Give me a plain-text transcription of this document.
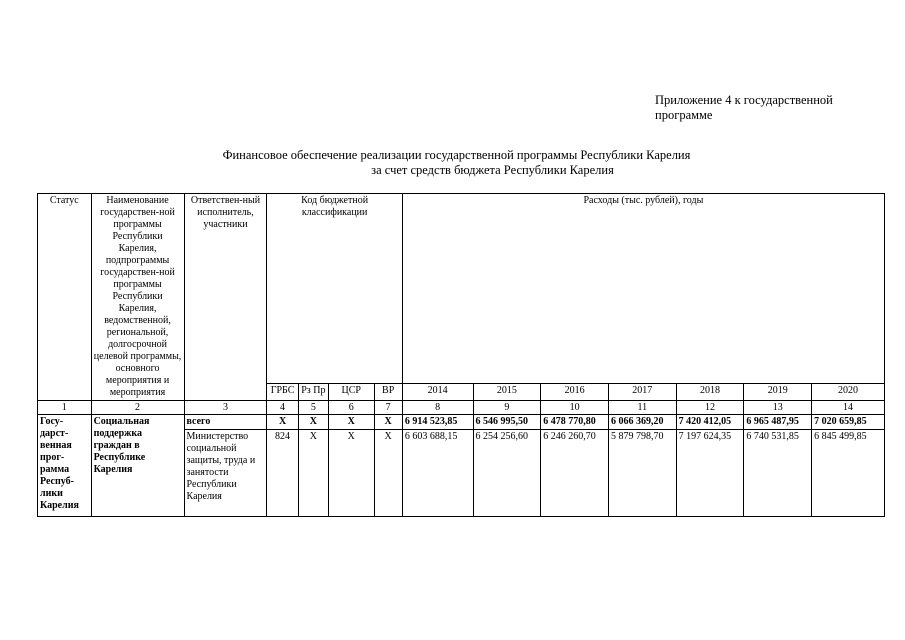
Приложение 4 к государственной программе
Финансовое обеспечение реализации государственной программы Республики Карелия
за счет средств бюджета Республики Карелия
Статус	Наименование государствен-ной программы Республики Карелия, подпрограммы государствен-ной программы Республики Карелия, ведомственной, региональной, долгосрочной целевой программы, основного мероприятия и мероприятия	Ответствен-ный исполнитель, участники	Код бюджетной классификации				Расходы (тыс. рублей), годы						
			ГРБС	Рз Пр	ЦСР	ВР	2014	2015	2016	2017	2018	2019	2020
1	2	3	4	5	6	7	8	9	10	11	12	13	14
Госу-дарст-венная прог-рамма Респуб-лики Карелия	Социальная поддержка граждан в Республике Карелия	всего	X	X	X	X	6 914 523,85	6 546 995,50	6 478 770,80	6 066 369,20	7 420 412,05	6 965 487,95	7 020 659,85
		Министерство социальной защиты, труда и занятости Республики Карелия	824	X	X	X	6 603 688,15	6 254 256,60	6 246 260,70	5 879 798,70	7 197 624,35	6 740 531,85	6 845 499,85
